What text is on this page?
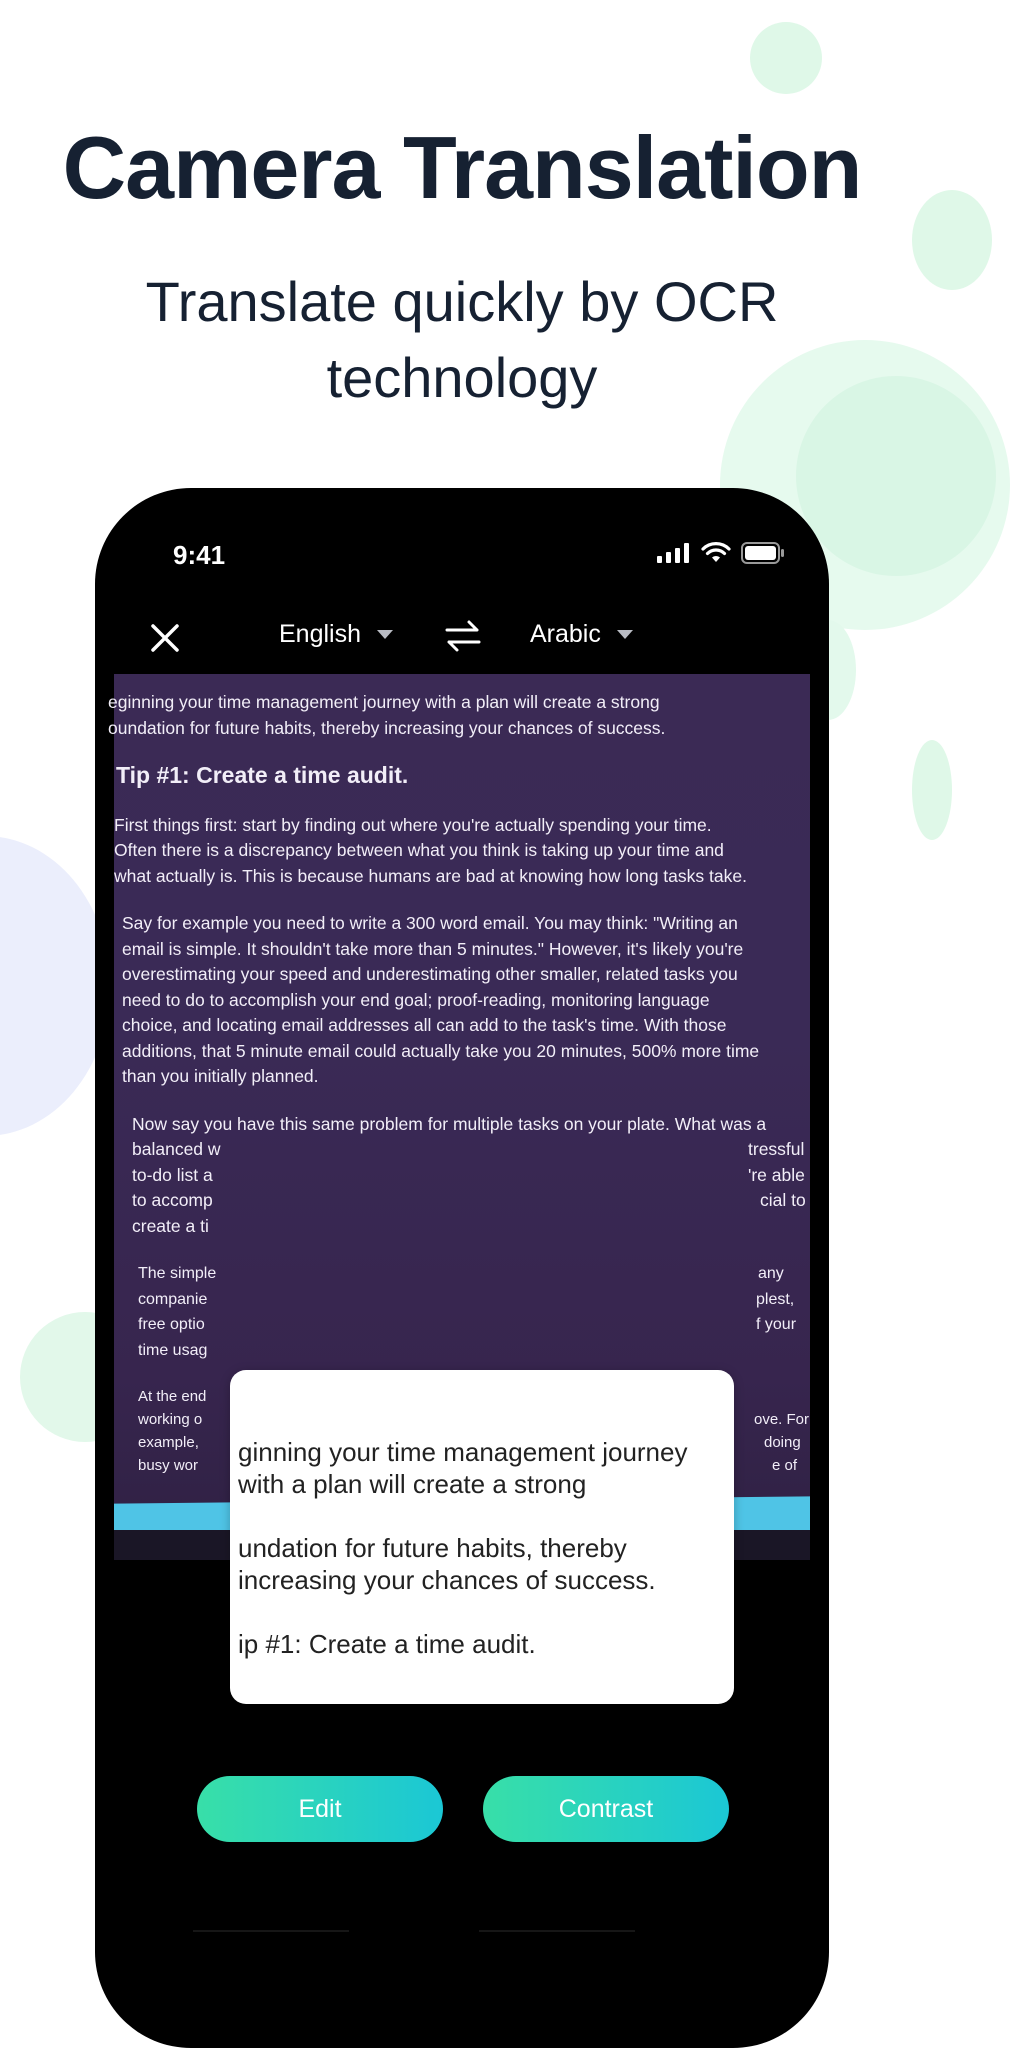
Camera Translation
Translate quickly by OCR
technology
9:41
English	Arabic

eginning your time management journey with a plan will create a strong
oundation for future habits, thereby increasing your chances of success.

Tip #1: Create a time audit.

First things first: start by finding out where you're actually spending your time.
Often there is a discrepancy between what you think is taking up your time and
what actually is. This is because humans are bad at knowing how long tasks take.

Say for example you need to write a 300 word email. You may think: "Writing an
email is simple. It shouldn't take more than 5 minutes." However, it's likely you're
overestimating your speed and underestimating other smaller, related tasks you
need to do to accomplish your end goal; proof-reading, monitoring language
choice, and locating email addresses all can add to the task's time. With those
additions, that 5 minute email could actually take you 20 minutes, 500% more time
than you initially planned.

Now say you have this same problem for multiple tasks on your plate. What was a
balanced w	tressful

to-do list a	're able

to accomp	cial to

create a ti

The simple	any

companie	plest,

free optio	f your

time usag

At the end
working o	ove. For

example,	doing

busy wor	e of

ginning your time management journey with a plan will create a strong

undation for future habits, thereby increasing your chances of success.

ip #1: Create a time audit.

Edit	Contrast
